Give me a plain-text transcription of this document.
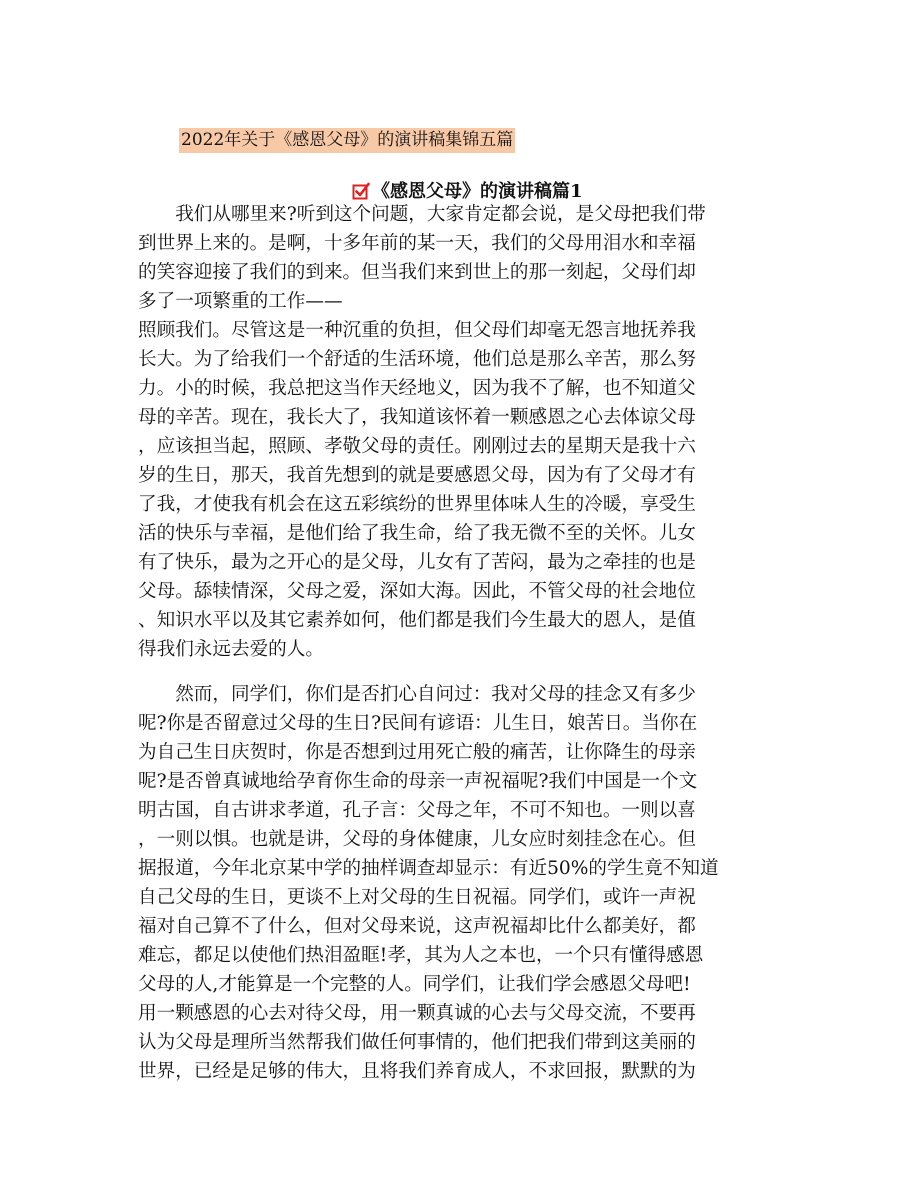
2022年关于《感恩父母》的演讲稿集锦五篇
《感恩父母》的演讲稿篇1
　　我们从哪里来?听到这个问题，大家肯定都会说，是父母把我们带
到世界上来的。是啊，十多年前的某一天，我们的父母用泪水和幸福
的笑容迎接了我们的到来。但当我们来到世上的那一刻起，父母们却
多了一项繁重的工作——
照顾我们。尽管这是一种沉重的负担，但父母们却毫无怨言地抚养我
长大。为了给我们一个舒适的生活环境，他们总是那么辛苦，那么努
力。小的时候，我总把这当作天经地义，因为我不了解，也不知道父
母的辛苦。现在，我长大了，我知道该怀着一颗感恩之心去体谅父母
，应该担当起，照顾、孝敬父母的责任。刚刚过去的星期天是我十六
岁的生日，那天，我首先想到的就是要感恩父母，因为有了父母才有
了我，才使我有机会在这五彩缤纷的世界里体味人生的冷暖，享受生
活的快乐与幸福，是他们给了我生命，给了我无微不至的关怀。儿女
有了快乐，最为之开心的是父母，儿女有了苦闷，最为之牵挂的也是
父母。舔犊情深，父母之爱，深如大海。因此，不管父母的社会地位
、知识水平以及其它素养如何，他们都是我们今生最大的恩人，是值
得我们永远去爱的人。
　　然而，同学们，你们是否扪心自问过：我对父母的挂念又有多少
呢?你是否留意过父母的生日?民间有谚语：儿生日，娘苦日。当你在
为自己生日庆贺时，你是否想到过用死亡般的痛苦，让你降生的母亲
呢?是否曾真诚地给孕育你生命的母亲一声祝福呢?我们中国是一个文
明古国，自古讲求孝道，孔子言：父母之年，不可不知也。一则以喜
，一则以惧。也就是讲，父母的身体健康，儿女应时刻挂念在心。但
据报道，今年北京某中学的抽样调查却显示：有近50%的学生竟不知道
自己父母的生日，更谈不上对父母的生日祝福。同学们，或许一声祝
福对自己算不了什么，但对父母来说，这声祝福却比什么都美好，都
难忘，都足以使他们热泪盈眶!孝，其为人之本也，一个只有懂得感恩
父母的人,才能算是一个完整的人。同学们，让我们学会感恩父母吧!
用一颗感恩的心去对待父母，用一颗真诚的心去与父母交流，不要再
认为父母是理所当然帮我们做任何事情的，他们把我们带到这美丽的
世界，已经是足够的伟大，且将我们养育成人，不求回报，默默的为
